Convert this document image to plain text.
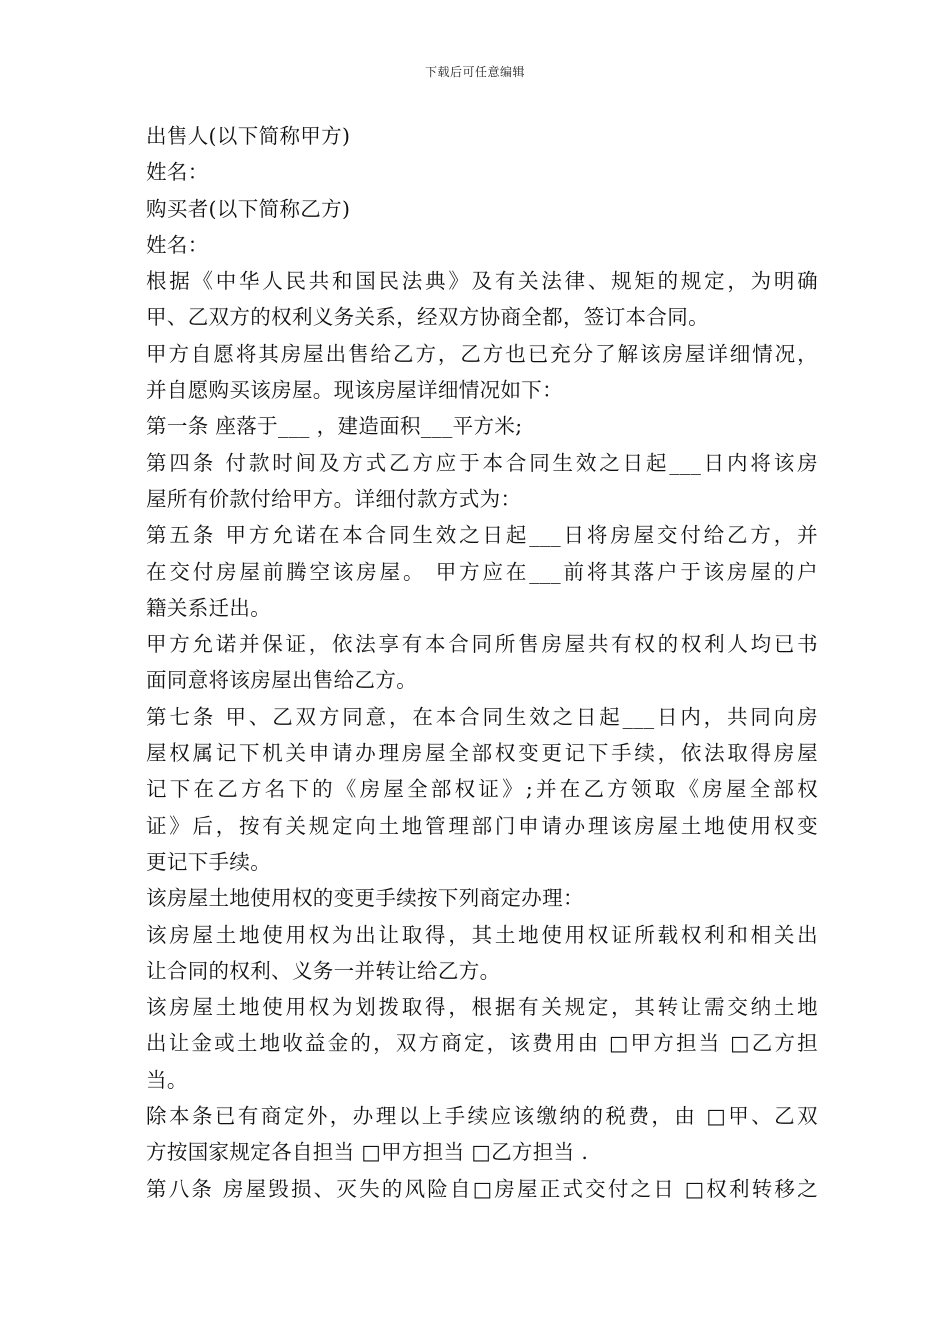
下载后可任意编辑
出售人(以下简称甲方)
姓名：
购买者(以下简称乙方)
姓名：
根据《中华人民共和国民法典》及有关法律、规矩的规定，为明确
甲、乙双方的权利义务关系，经双方协商全都，签订本合同。
甲方自愿将其房屋出售给乙方，乙方也已充分了解该房屋详细情况，
并自愿购买该房屋。现该房屋详细情况如下：
第一条 座落于___ ，建造面积___平方米;
第四条 付款时间及方式乙方应于本合同生效之日起___日内将该房
屋所有价款付给甲方。详细付款方式为：
第五条 甲方允诺在本合同生效之日起___日将房屋交付给乙方，并
在交付房屋前腾空该房屋。 甲方应在___前将其落户于该房屋的户
籍关系迁出。
甲方允诺并保证，依法享有本合同所售房屋共有权的权利人均已书
面同意将该房屋出售给乙方。
第七条 甲、乙双方同意，在本合同生效之日起___日内，共同向房
屋权属记下机关申请办理房屋全部权变更记下手续，依法取得房屋
记下在乙方名下的《房屋全部权证》;并在乙方领取《房屋全部权
证》后，按有关规定向土地管理部门申请办理该房屋土地使用权变
更记下手续。
该房屋土地使用权的变更手续按下列商定办理：
该房屋土地使用权为出让取得，其土地使用权证所载权利和相关出
让合同的权利、义务一并转让给乙方。
该房屋土地使用权为划拨取得，根据有关规定，其转让需交纳土地
出让金或土地收益金的，双方商定，该费用由 □甲方担当 □乙方担
当。
除本条已有商定外，办理以上手续应该缴纳的税费，由 □甲、乙双
方按国家规定各自担当 □甲方担当 □乙方担当 .
第八条 房屋毁损、灭失的风险自□房屋正式交付之日 □权利转移之
